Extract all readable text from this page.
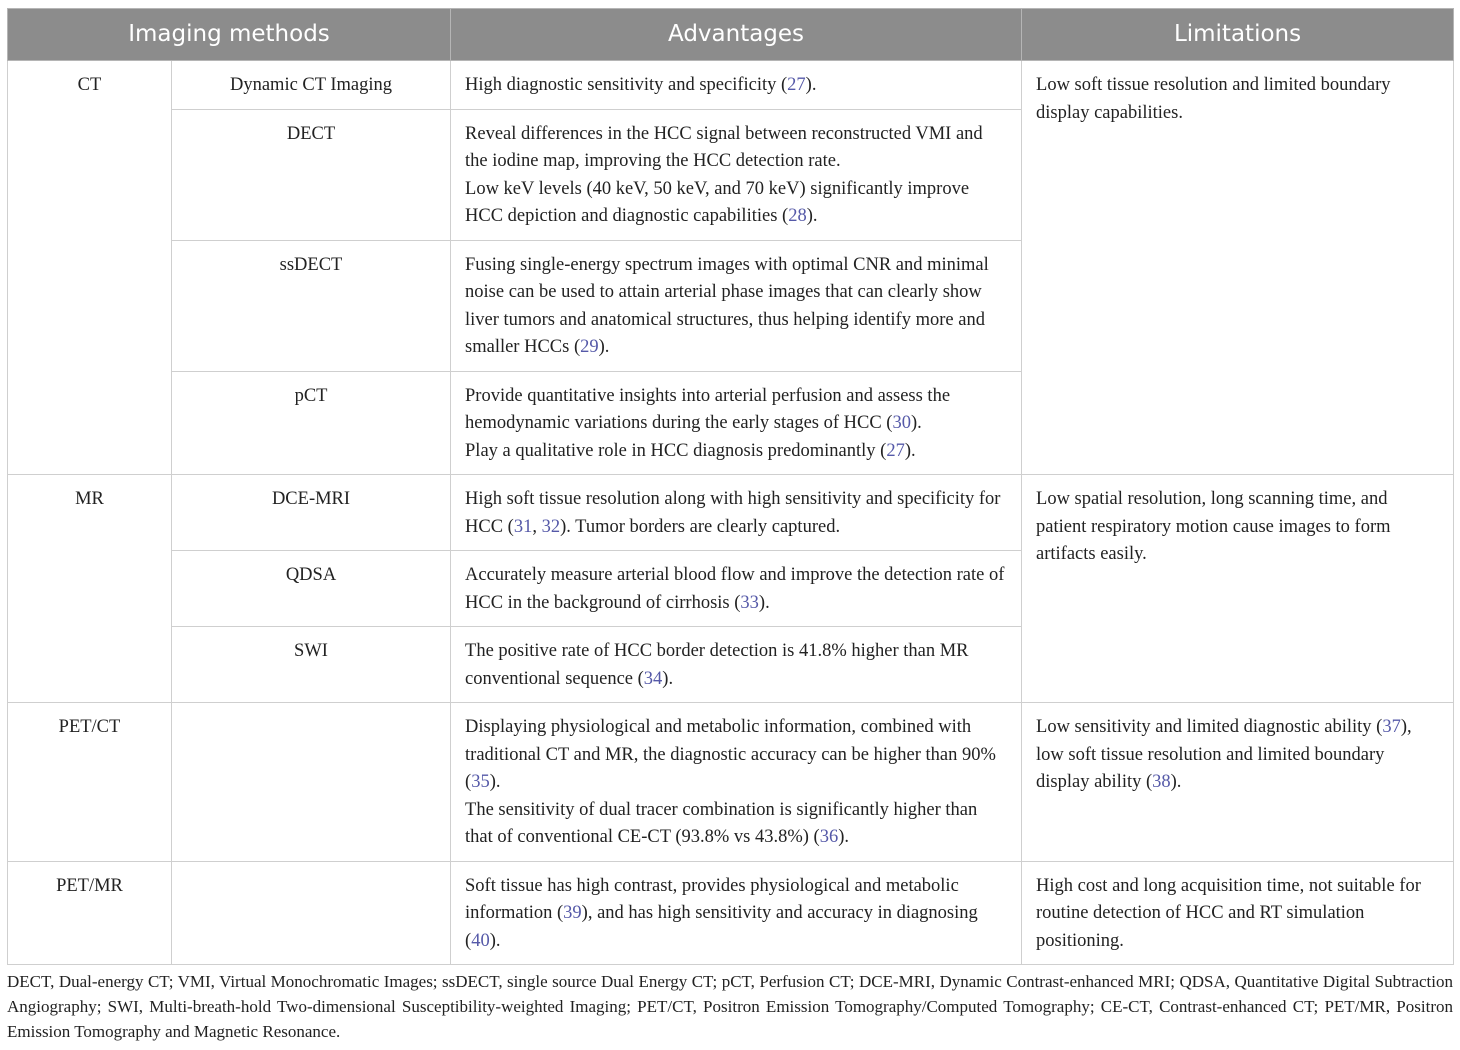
Imaging methods		Advantages	Limitations
CT	Dynamic CT Imaging	High diagnostic sensitivity and specificity (27).	Low soft tissue resolution and limited boundary display capabilities.
	DECT	Reveal differences in the HCC signal between reconstructed VMI and the iodine map, improving the HCC detection rate.
Low keV levels (40 keV, 50 keV, and 70 keV) significantly improve HCC depiction and diagnostic capabilities (28).	

	ssDECT	Fusing single-energy spectrum images with optimal CNR and minimal noise can be used to attain arterial phase images that can clearly show liver tumors and anatomical structures, thus helping identify more and smaller HCCs (29).	
	pCT	Provide quantitative insights into arterial perfusion and assess the hemodynamic variations during the early stages of HCC (30).
Play a qualitative role in HCC diagnosis predominantly (27).	

MR	DCE-MRI	High soft tissue resolution along with high sensitivity and specificity for HCC (31, 32). Tumor borders are clearly captured.	Low spatial resolution, long scanning time, and patient respiratory motion cause images to form artifacts easily.
	QDSA	Accurately measure arterial blood flow and improve the detection rate of HCC in the background of cirrhosis (33).	
	SWI	The positive rate of HCC border detection is 41.8% higher than MR conventional sequence (34).	
PET/CT		Displaying physiological and metabolic information, combined with traditional CT and MR, the diagnostic accuracy can be higher than 90% (35).
The sensitivity of dual tracer combination is significantly higher than that of conventional CE-CT (93.8% vs 43.8%) (36).	Low sensitivity and limited diagnostic ability (37), low soft tissue resolution and limited boundary display ability (38).
PET/MR		Soft tissue has high contrast, provides physiological and metabolic information (39), and has high sensitivity and accuracy in diagnosing (40).	High cost and long acquisition time, not suitable for routine detection of HCC and RT simulation positioning.
DECT, Dual-energy CT; VMI, Virtual Monochromatic Images; ssDECT, single source Dual Energy CT; pCT, Perfusion CT; DCE-MRI, Dynamic Contrast-enhanced MRI; QDSA, Quantitative Digital Subtraction Angiography; SWI, Multi-breath-hold Two-dimensional Susceptibility-weighted Imaging; PET/CT, Positron Emission Tomography/Computed Tomography; CE-CT, Contrast-enhanced CT; PET/MR, Positron Emission Tomography and Magnetic Resonance.
